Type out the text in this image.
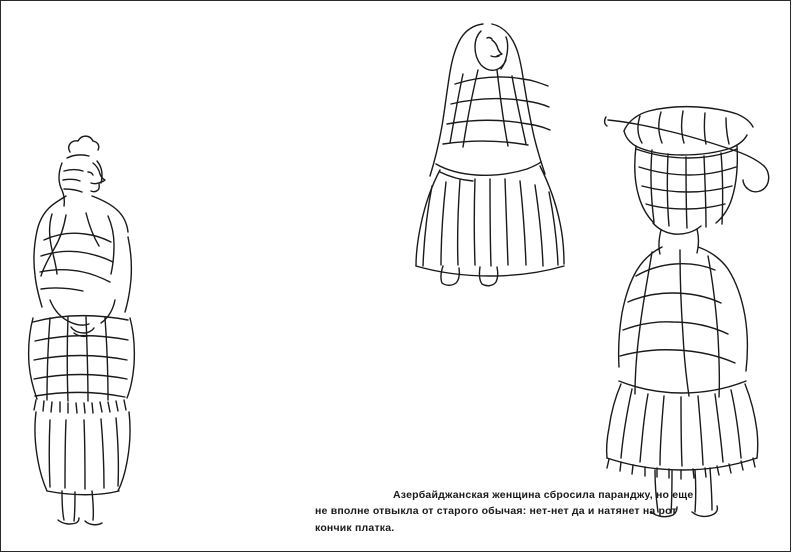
Азербайджанская женщина сбросила паранджу, но еще
не вполне отвыкла от старого обычая: нет-нет да и натянет на рот
кончик платка.
